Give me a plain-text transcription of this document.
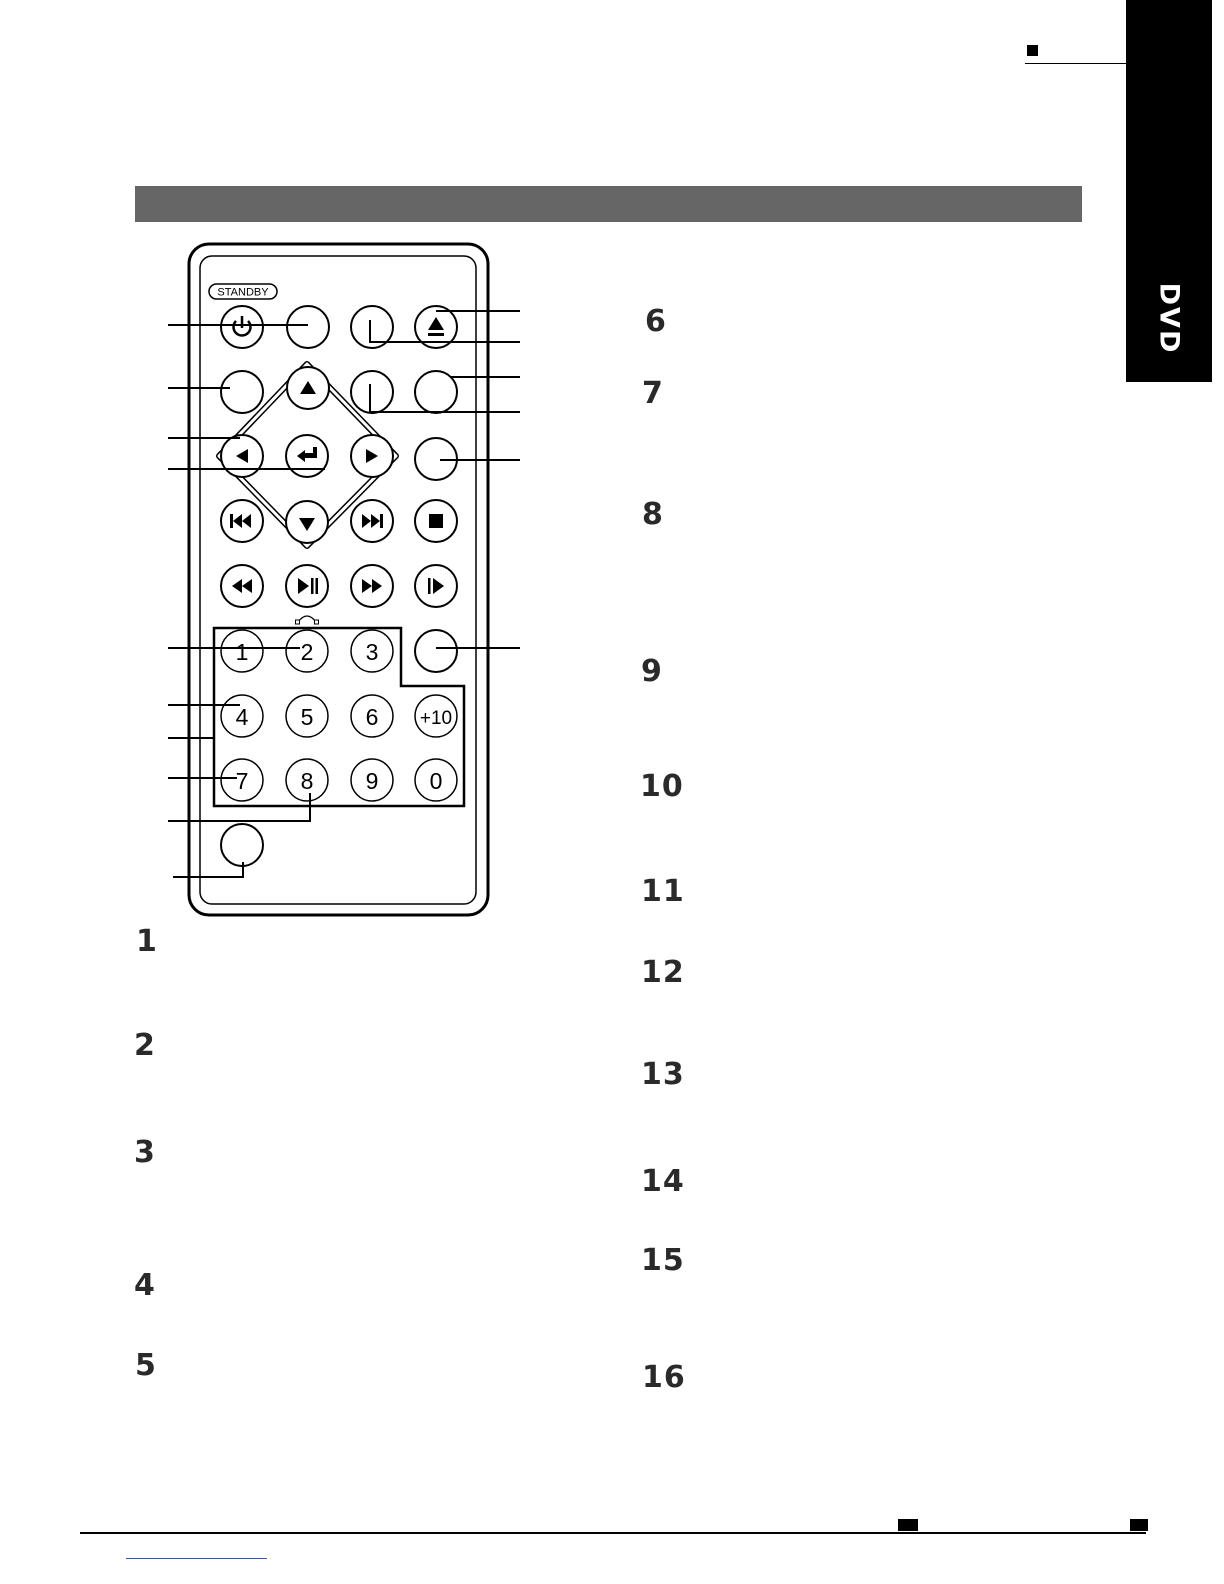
DVD
STANDBY
1 2 3
4 5 6 +10
7 8 9 0
1
2
3
4
5
6
7
8
9
10
11
12
13
14
15
16
